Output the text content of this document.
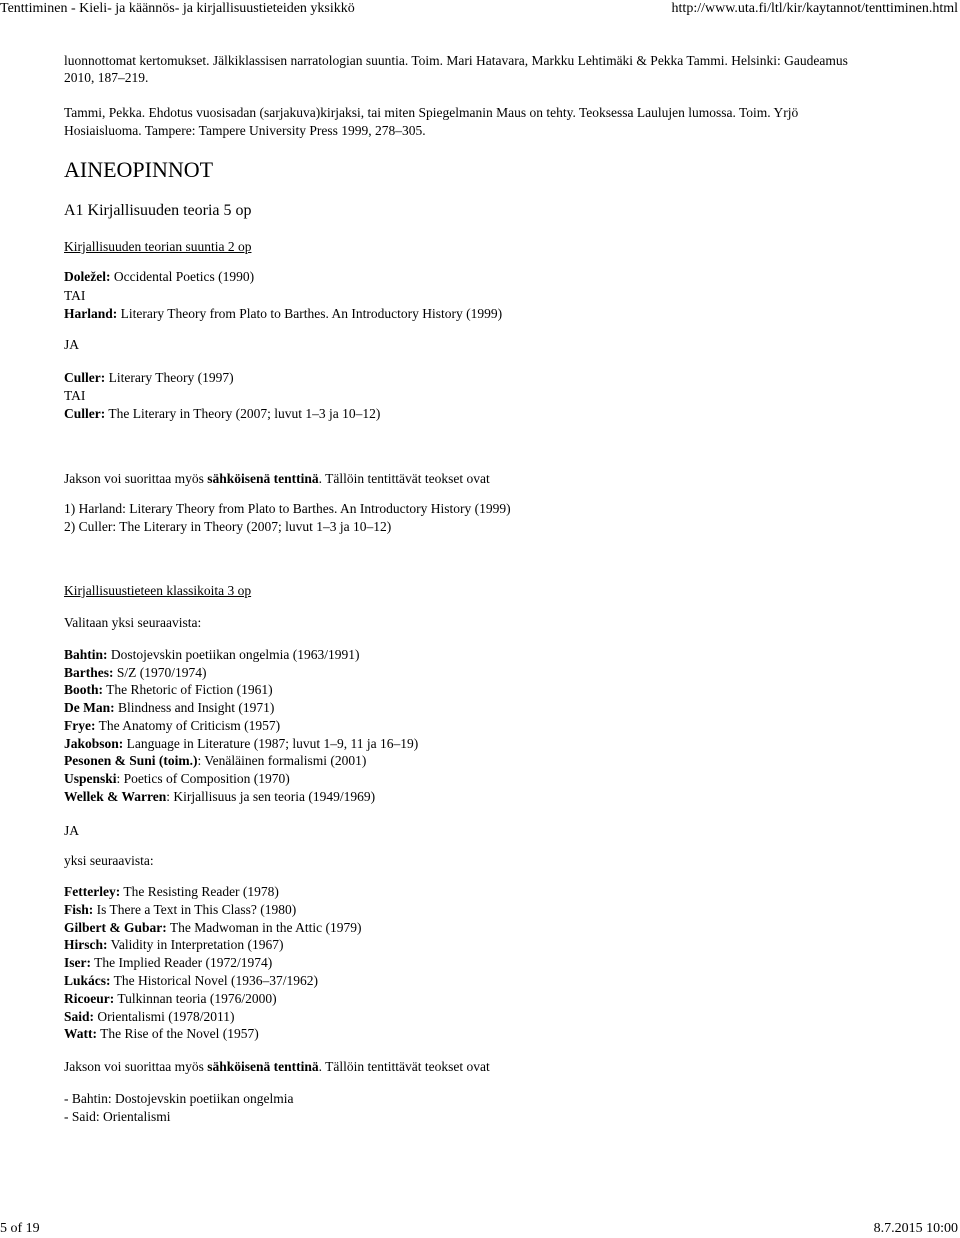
Tenttiminen - Kieli- ja käännös- ja kirjallisuustieteiden yksikkö	http://www.uta.fi/ltl/kir/kaytannot/tenttiminen.html
luonnottomat kertomukset. Jälkiklassisen narratologian suuntia. Toim. Mari Hatavara, Markku Lehtimäki & Pekka Tammi. Helsinki: Gaudeamus
2010, 187–219.
Tammi, Pekka. Ehdotus vuosisadan (sarjakuva)kirjaksi, tai miten Spiegelmanin Maus on tehty. Teoksessa Laulujen lumossa. Toim. Yrjö
Hosiaisluoma. Tampere: Tampere University Press 1999, 278–305.
AINEOPINNOT
A1 Kirjallisuuden teoria 5 op
Kirjallisuuden teorian suuntia 2 op
Doležel: Occidental Poetics (1990)
TAI
Harland: Literary Theory from Plato to Barthes. An Introductory History (1999)
JA
Culler: Literary Theory (1997)
TAI
Culler: The Literary in Theory (2007; luvut 1–3 ja 10–12)
Jakson voi suorittaa myös sähköisenä tenttinä. Tällöin tentittävät teokset ovat
1) Harland: Literary Theory from Plato to Barthes. An Introductory History (1999)
2) Culler: The Literary in Theory (2007; luvut 1–3 ja 10–12)
Kirjallisuustieteen klassikoita 3 op
Valitaan yksi seuraavista:
Bahtin: Dostojevskin poetiikan ongelmia (1963/1991)
Barthes: S/Z (1970/1974)
Booth: The Rhetoric of Fiction (1961)
De Man: Blindness and Insight (1971)
Frye: The Anatomy of Criticism (1957)
Jakobson: Language in Literature (1987; luvut 1–9, 11 ja 16–19)
Pesonen & Suni (toim.): Venäläinen formalismi (2001)
Uspenski: Poetics of Composition (1970)
Wellek & Warren: Kirjallisuus ja sen teoria (1949/1969)
JA
yksi seuraavista:
Fetterley: The Resisting Reader (1978)
Fish: Is There a Text in This Class? (1980)
Gilbert & Gubar: The Madwoman in the Attic (1979)
Hirsch: Validity in Interpretation (1967)
Iser: The Implied Reader (1972/1974)
Lukács: The Historical Novel (1936–37/1962)
Ricoeur: Tulkinnan teoria (1976/2000)
Said: Orientalismi (1978/2011)
Watt: The Rise of the Novel (1957)
Jakson voi suorittaa myös sähköisenä tenttinä. Tällöin tentittävät teokset ovat
- Bahtin: Dostojevskin poetiikan ongelmia
- Said: Orientalismi
5 of 19	8.7.2015 10:00
